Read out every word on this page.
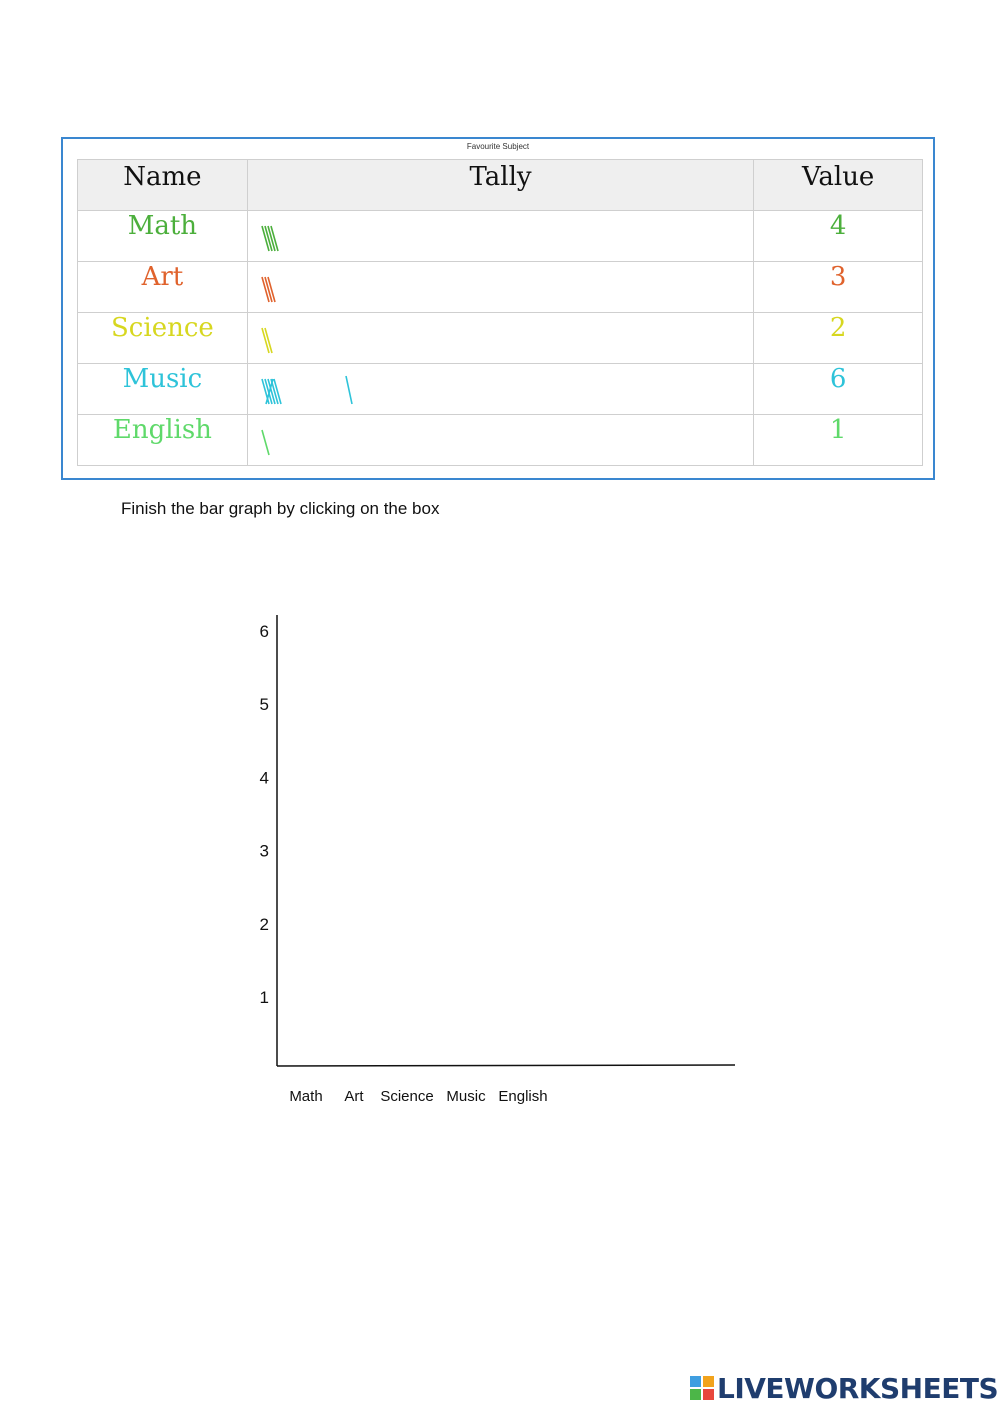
Favourite Subject
Name	Tally	Value
Math		4
Art		3
Science		2
Music		6
English		1
Finish the bar graph by clicking on the box
1
2
3
4
5
6
Math Art Science Music English
LIVEWORKSHEETS
